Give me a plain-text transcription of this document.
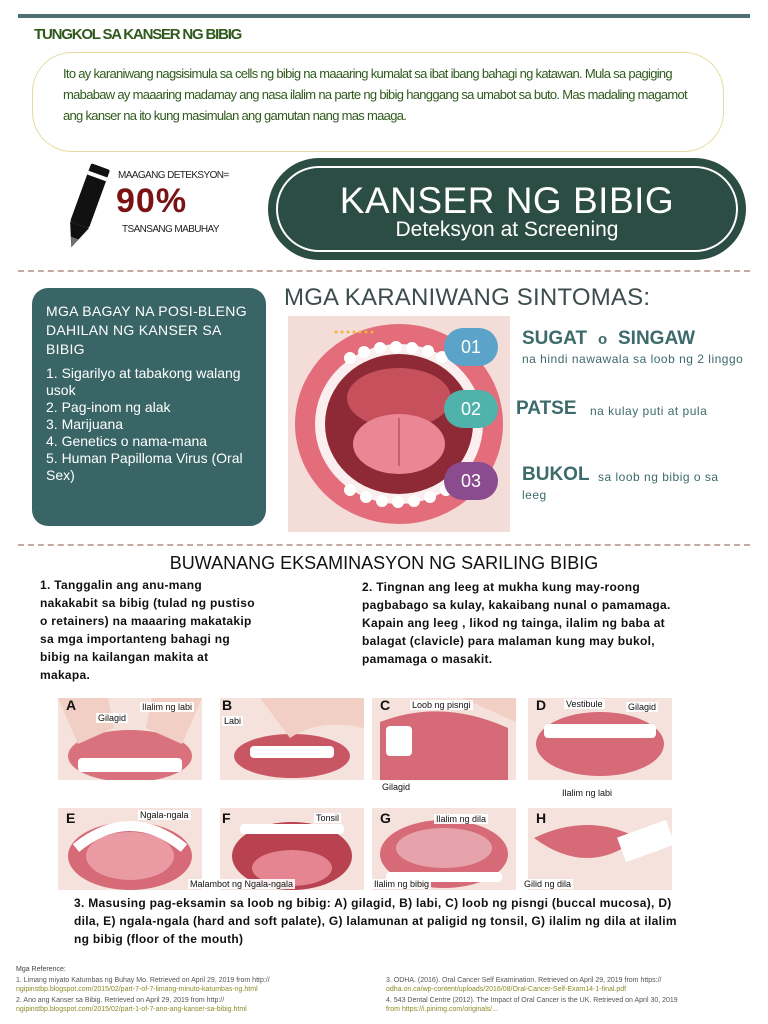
TUNGKOL SA KANSER NG BIBIG

Ito ay karaniwang nagsisimula sa cells ng bibig na maaaring kumalat sa ibat ibang bahagi ng katawan. Mula sa pagiging mababaw ay maaaring madamay ang nasa ilalim na parte ng bibig hanggang sa umabot sa buto. Mas madaling magamot ang kanser na ito kung masimulan ang gamutan nang mas maaga.

MAAGANG DETEKSYON=
90%
TSANSANG MABUHAY
KANSER NG BIBIG
Deteksyon at Screening
MGA BAGAY NA POSI-BLENG DAHILAN NG KANSER SA BIBIG
1. Sigarilyo at tabakong walang usok
2. Pag-inom ng alak
3. Marijuana
4. Genetics o nama-mana
5. Human Papilloma Virus (Oral Sex)
MGA KARANIWANG SINTOMAS:
01	SUGAT o SINGAW
na hindi nawawala sa loob ng 2 linggo
02	PATSE na kulay puti at pula
03	BUKOL sa loob ng bibig o sa leeg
BUWANANG EKSAMINASYON NG SARILING BIBIG
1. Tanggalin ang anu-mang nakakabit sa bibig (tulad ng pustiso o retainers) na maaaring makatakip sa mga importanteng bahagi ng bibig na kailangan makita at makapa.
2. Tingnan ang leeg at mukha kung may-roong pagbabago sa kulay, kakaibang nunal o pamamaga. Kapain ang leeg , likod ng tainga, ilalim ng baba at balagat (clavicle) para malaman kung may bukol, pamamaga o masakit.
A	Ilalim ng labi
Gilagid
B
Labi
C Loob ng pisngi
Gilagid
D Vestibule	Gilagid
Ilalim ng labi
E	Ngala-ngala F	Tonsil
Malambot ng Ngala-ngala
G	Ilalim ng dila
Ilalim ng bibig
H
Gilid ng dila
3. Masusing pag-eksamin sa loob ng bibig: A) gilagid, B) labi, C) loob ng pisngi (buccal mucosa), D) dila, E) ngala-ngala (hard and soft palate), G) lalamunan at paligid ng tonsil, G) ilalim ng dila at ilalim ng bibig (floor of the mouth)
Mga Reference:
1. Limang miyato Katumbas ng Buhay Mo. Retrieved on April 29, 2019 from http://
ngipinstbp.blogspot.com/2015/02/part-7-of-7-limang-minuto-katumbas-ng.html
2. Ano ang Kanser sa Bibig. Retrieved on April 29, 2019 from http://
ngipinstbp.blogspot.com/2015/02/part-1-of-7-ano-ang-kanser-sa-bibig.html
3. ODHA. (2016). Oral Cancer Self Examination. Retrieved on April 29, 2019 from https://
odha.on.ca/wp-content/uploads/2016/08/Oral-Cancer-Self-Exam14-1-final.pdf
4. 543 Dental Centre (2012). The Impact of Oral Cancer is the UK. Retrieved on April 30, 2019
from https://i.pinimg.com/originals/...
